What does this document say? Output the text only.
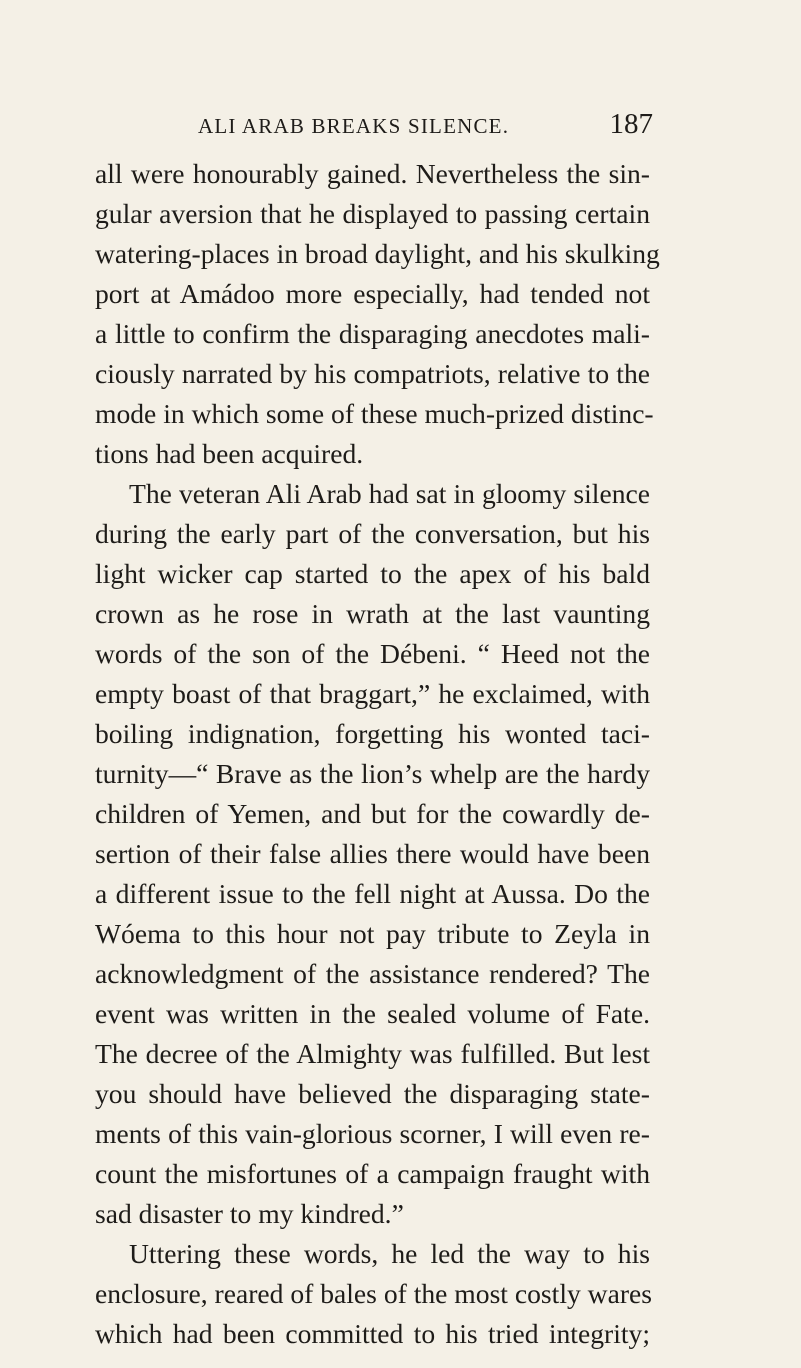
ALI ARAB BREAKS SILENCE.	187
all were honourably gained. Nevertheless the sin-
gular aversion that he displayed to passing certain
watering-places in broad daylight, and his skulking
port at Amádoo more especially, had tended not
a little to confirm the disparaging anecdotes mali-
ciously narrated by his compatriots, relative to the
mode in which some of these much-prized distinc-
tions had been acquired.
The veteran Ali Arab had sat in gloomy silence
during the early part of the conversation, but his
light wicker cap started to the apex of his bald
crown as he rose in wrath at the last vaunting
words of the son of the Débeni. “ Heed not the
empty boast of that braggart,” he exclaimed, with
boiling indignation, forgetting his wonted taci-
turnity—“ Brave as the lion’s whelp are the hardy
children of Yemen, and but for the cowardly de-
sertion of their false allies there would have been
a different issue to the fell night at Aussa. Do the
Wóema to this hour not pay tribute to Zeyla in
acknowledgment of the assistance rendered? The
event was written in the sealed volume of Fate.
The decree of the Almighty was fulfilled. But lest
you should have believed the disparaging state-
ments of this vain-glorious scorner, I will even re-
count the misfortunes of a campaign fraught with
sad disaster to my kindred.”
Uttering these words, he led the way to his
enclosure, reared of bales of the most costly wares
which had been committed to his tried integrity;
